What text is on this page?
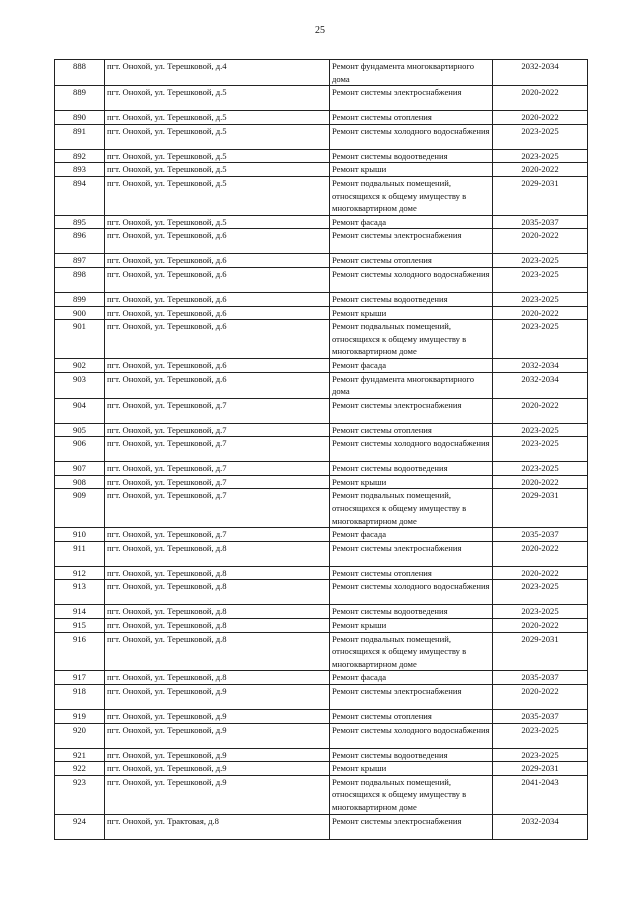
25
888	пгт. Онохой, ул. Терешковой, д.4	Ремонт фундамента многоквартирного дома	2032-2034
889	пгт. Онохой, ул. Терешковой, д.5	Ремонт системы электроснабжения	2020-2022
890	пгт. Онохой, ул. Терешковой, д.5	Ремонт системы отопления	2020-2022
891	пгт. Онохой, ул. Терешковой, д.5	Ремонт системы холодного водоснабжения	2023-2025
892	пгт. Онохой, ул. Терешковой, д.5	Ремонт системы водоотведения	2023-2025
893	пгт. Онохой, ул. Терешковой, д.5	Ремонт крыши	2020-2022
894	пгт. Онохой, ул. Терешковой, д.5	Ремонт подвальных помещений, относящихся к общему имуществу в многоквартирном доме	2029-2031
895	пгт. Онохой, ул. Терешковой, д.5	Ремонт фасада	2035-2037
896	пгт. Онохой, ул. Терешковой, д.6	Ремонт системы электроснабжения	2020-2022
897	пгт. Онохой, ул. Терешковой, д.6	Ремонт системы отопления	2023-2025
898	пгт. Онохой, ул. Терешковой, д.6	Ремонт системы холодного водоснабжения	2023-2025
899	пгт. Онохой, ул. Терешковой, д.6	Ремонт системы водоотведения	2023-2025
900	пгт. Онохой, ул. Терешковой, д.6	Ремонт крыши	2020-2022
901	пгт. Онохой, ул. Терешковой, д.6	Ремонт подвальных помещений, относящихся к общему имуществу в многоквартирном доме	2023-2025
902	пгт. Онохой, ул. Терешковой, д.6	Ремонт фасада	2032-2034
903	пгт. Онохой, ул. Терешковой, д.6	Ремонт фундамента многоквартирного дома	2032-2034
904	пгт. Онохой, ул. Терешковой, д.7	Ремонт системы электроснабжения	2020-2022
905	пгт. Онохой, ул. Терешковой, д.7	Ремонт системы отопления	2023-2025
906	пгт. Онохой, ул. Терешковой, д.7	Ремонт системы холодного водоснабжения	2023-2025
907	пгт. Онохой, ул. Терешковой, д.7	Ремонт системы водоотведения	2023-2025
908	пгт. Онохой, ул. Терешковой, д.7	Ремонт крыши	2020-2022
909	пгт. Онохой, ул. Терешковой, д.7	Ремонт подвальных помещений, относящихся к общему имуществу в многоквартирном доме	2029-2031
910	пгт. Онохой, ул. Терешковой, д.7	Ремонт фасада	2035-2037
911	пгт. Онохой, ул. Терешковой, д.8	Ремонт системы электроснабжения	2020-2022
912	пгт. Онохой, ул. Терешковой, д.8	Ремонт системы отопления	2020-2022
913	пгт. Онохой, ул. Терешковой, д.8	Ремонт системы холодного водоснабжения	2023-2025
914	пгт. Онохой, ул. Терешковой, д.8	Ремонт системы водоотведения	2023-2025
915	пгт. Онохой, ул. Терешковой, д.8	Ремонт крыши	2020-2022
916	пгт. Онохой, ул. Терешковой, д.8	Ремонт подвальных помещений, относящихся к общему имуществу в многоквартирном доме	2029-2031
917	пгт. Онохой, ул. Терешковой, д.8	Ремонт фасада	2035-2037
918	пгт. Онохой, ул. Терешковой, д.9	Ремонт системы электроснабжения	2020-2022
919	пгт. Онохой, ул. Терешковой, д.9	Ремонт системы отопления	2035-2037
920	пгт. Онохой, ул. Терешковой, д.9	Ремонт системы холодного водоснабжения	2023-2025
921	пгт. Онохой, ул. Терешковой, д.9	Ремонт системы водоотведения	2023-2025
922	пгт. Онохой, ул. Терешковой, д.9	Ремонт крыши	2029-2031
923	пгт. Онохой, ул. Терешковой, д.9	Ремонт подвальных помещений, относящихся к общему имуществу в многоквартирном доме	2041-2043
924	пгт. Онохой, ул. Трактовая, д.8	Ремонт системы электроснабжения	2032-2034
